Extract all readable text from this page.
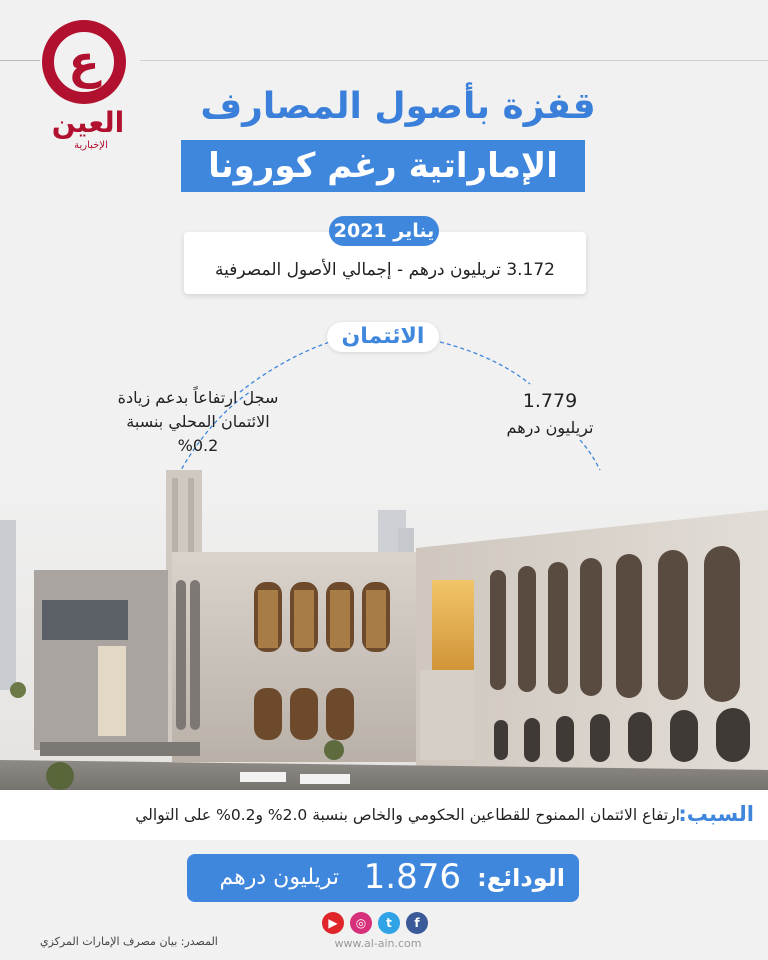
ع
العين
الإخبارية
قفزة بأصول المصارف
الإماراتية رغم كورونا
يناير 2021
3.172 تريليون درهم - إجمالي الأصول المصرفية
الائتمان
1.779
تريليون درهم
سجل ارتفاعاً بدعم زيادة الائتمان المحلي بنسبة 0.2%
السبب:
ارتفاع الائتمان الممنوح للقطاعين الحكومي والخاص بنسبة 2.0% و0.2% على التوالي
الودائع:
1.876
تريليون درهم
▶	◎	t	f
www.al-ain.com
المصدر: بيان مصرف الإمارات المركزي
